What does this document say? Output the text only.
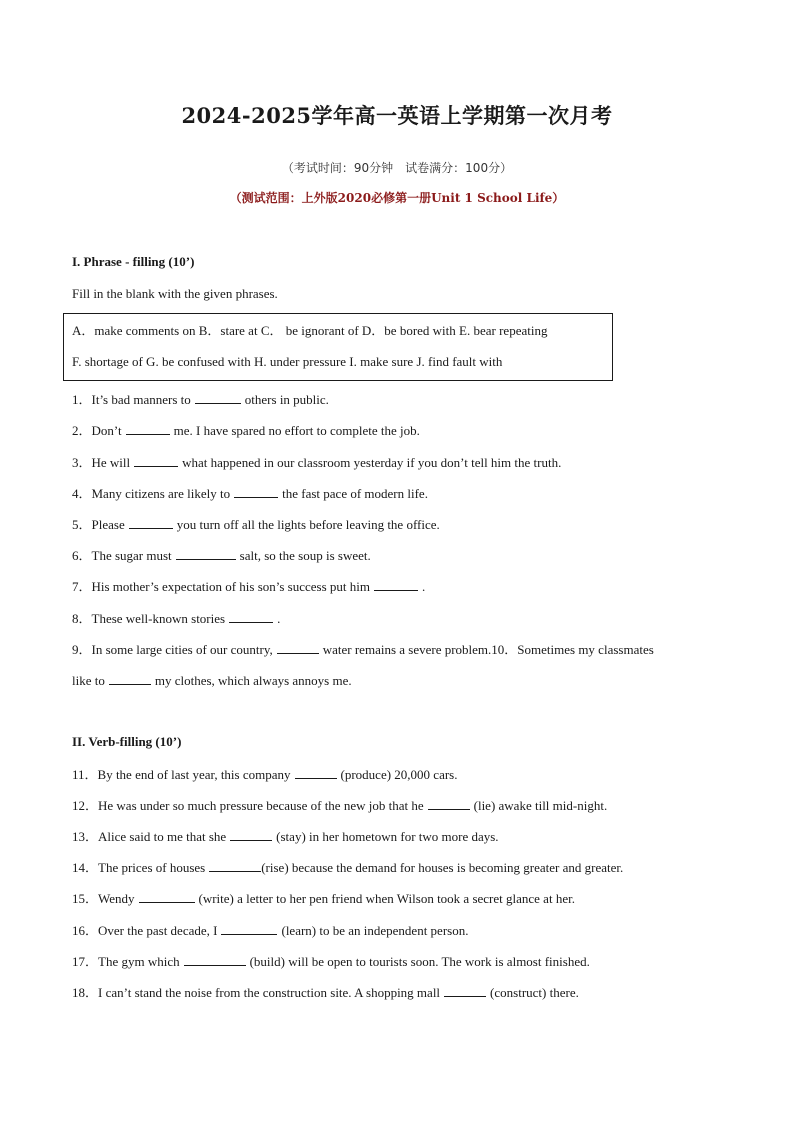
2024-2025学年高一英语上学期第一次月考
（考试时间：90分钟　试卷满分：100分）
（测试范围：上外版2020必修第一册Unit 1 School Life）
I. Phrase - filling (10’)
Fill in the blank with the given phrases.
A．make comments on B．stare at C． be ignorant of D．be bored with E. bear repeating
F. shortage of G. be confused with H. under pressure I. make sure J. find fault with
1．It’s bad manners to	others in public.
2．Don’t	me. I have spared no effort to complete the job.
3．He will	what happened in our classroom yesterday if you don’t tell him the truth.
4．Many citizens are likely to	the fast pace of modern life.
5．Please	you turn off all the lights before leaving the office.
6．The sugar must	salt, so the soup is sweet.
7．His mother’s expectation of his son’s success put him	.
8．These well-known stories	.
9．In some large cities of our country,	water remains a severe problem.10．Sometimes my classmates
like to	my clothes, which always annoys me.
II. Verb-filling (10’)
11．By the end of last year, this company	(produce) 20,000 cars.
12．He was under so much pressure because of the new job that he	(lie) awake till mid-night.
13．Alice said to me that she	(stay) in her hometown for two more days.
14．The prices of houses	(rise) because the demand for houses is becoming greater and greater.
15．Wendy	(write) a letter to her pen friend when Wilson took a secret glance at her.
16．Over the past decade, I	(learn) to be an independent person.
17．The gym which	(build) will be open to tourists soon. The work is almost finished.
18．I can’t stand the noise from the construction site. A shopping mall	(construct) there.
